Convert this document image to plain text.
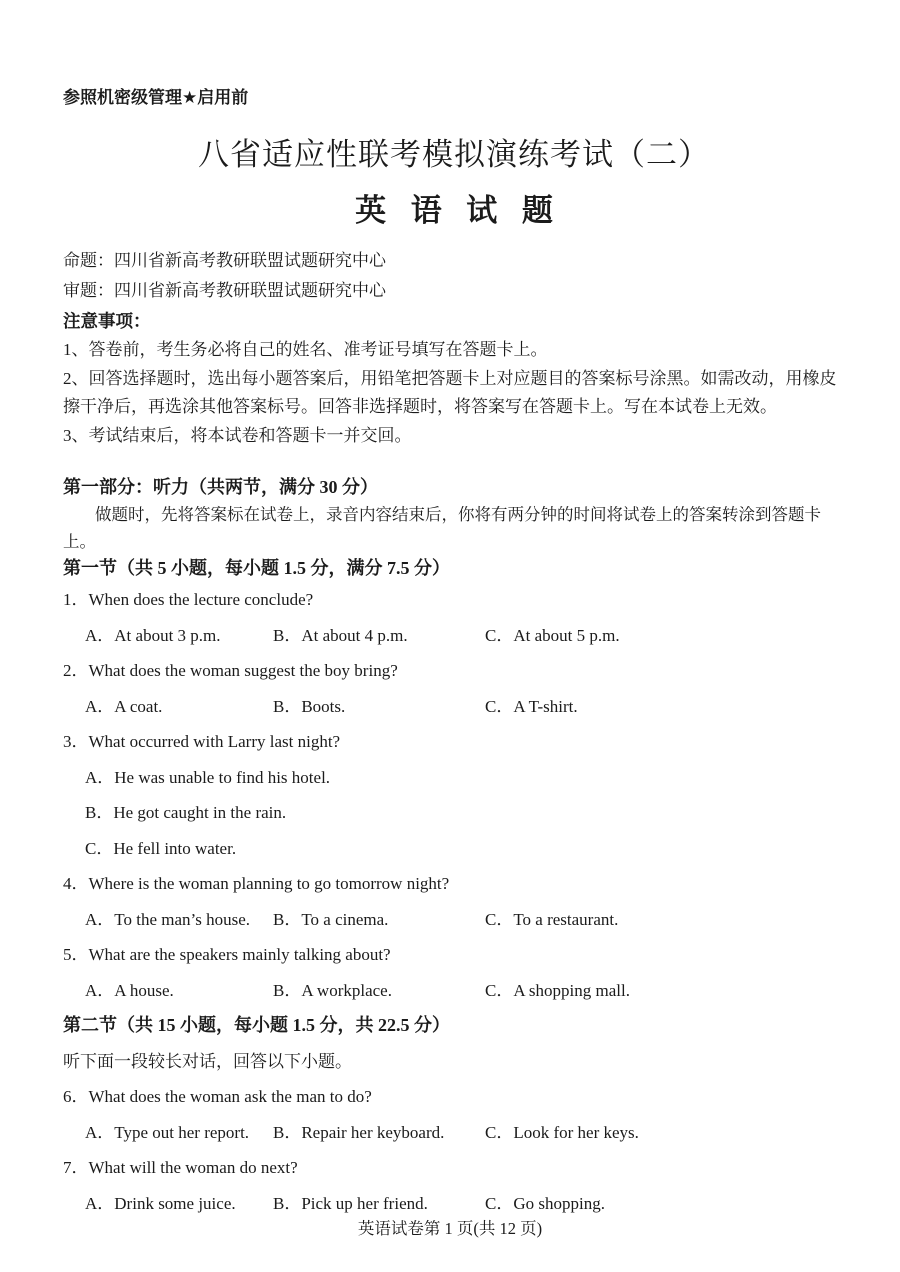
参照机密级管理★启用前
八省适应性联考模拟演练考试（二）
英 语 试 题
命题：四川省新高考教研联盟试题研究中心
审题：四川省新高考教研联盟试题研究中心
注意事项：
1、答卷前，考生务必将自己的姓名、准考证号填写在答题卡上。
2、回答选择题时，选出每小题答案后，用铅笔把答题卡上对应题目的答案标号涂黑。如需改动，用橡皮擦干净后，再选涂其他答案标号。回答非选择题时，将答案写在答题卡上。写在本试卷上无效。
3、考试结束后，将本试卷和答题卡一并交回。
第一部分：听力（共两节，满分 30 分）
做题时，先将答案标在试卷上，录音内容结束后，你将有两分钟的时间将试卷上的答案转涂到答题卡上。
第一节（共 5 小题，每小题 1.5 分，满分 7.5 分）
1．When does the lecture conclude?
A．At about 3 p.m.	B．At about 4 p.m.	C．At about 5 p.m.
2．What does the woman suggest the boy bring?
A．A coat.	B．Boots.	C．A T-shirt.
3．What occurred with Larry last night?
A．He was unable to find his hotel.
B．He got caught in the rain.
C．He fell into water.
4．Where is the woman planning to go tomorrow night?
A．To the man’s house.	B．To a cinema.	C．To a restaurant.
5．What are the speakers mainly talking about?
A．A house.	B．A workplace.	C．A shopping mall.
第二节（共 15 小题，每小题 1.5 分，共 22.5 分）
听下面一段较长对话，回答以下小题。
6．What does the woman ask the man to do?
A．Type out her report.	B．Repair her keyboard.	C．Look for her keys.
7．What will the woman do next?
A．Drink some juice.	B．Pick up her friend.	C．Go shopping.
英语试卷第 1 页(共 12 页)
